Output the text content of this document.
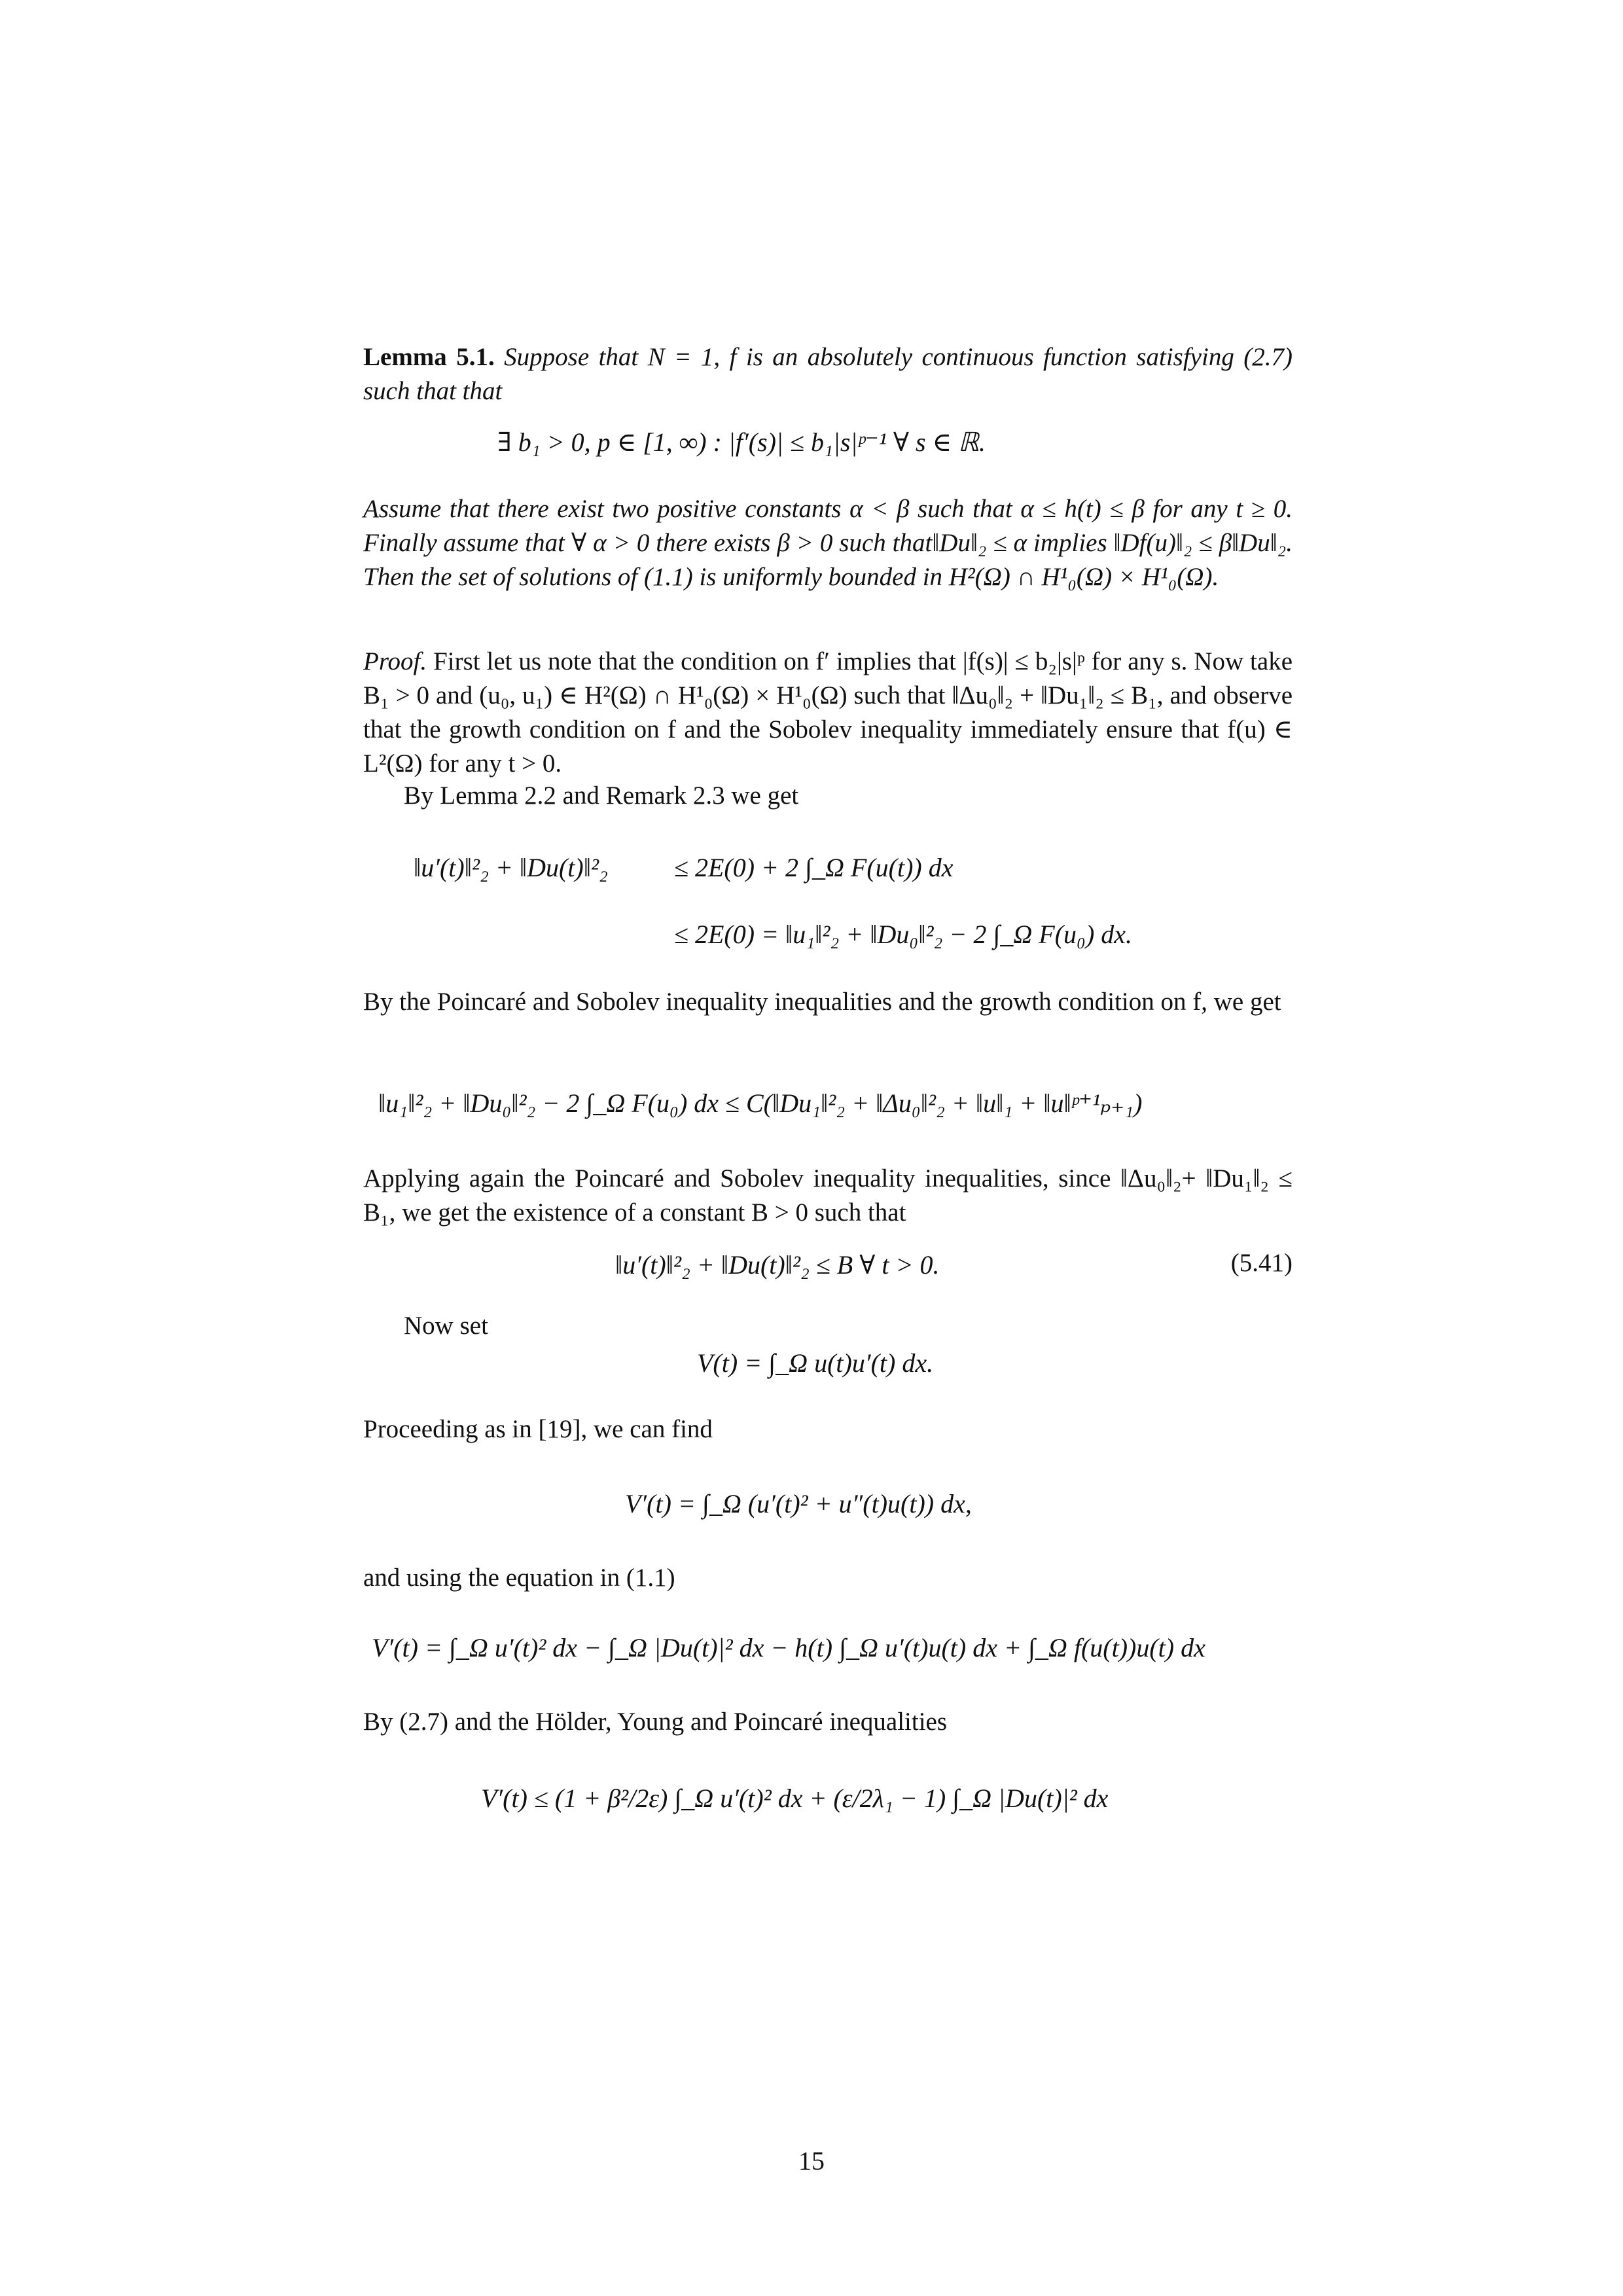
Lemma 5.1. Suppose that N = 1, f is an absolutely continuous function satisfying (2.7) such that that

∃ b₁ > 0, p ∈ [1, ∞) : |f′(s)| ≤ b₁|s|ᵖ⁻¹ ∀ s ∈ ℝ.

Assume that there exist two positive constants α < β such that α ≤ h(t) ≤ β for any t ≥ 0. Finally assume that ∀ α > 0 there exists β > 0 such that‖Du‖₂ ≤ α implies ‖Df(u)‖₂ ≤ β‖Du‖₂. Then the set of solutions of (1.1) is uniformly bounded in H²(Ω) ∩ H¹₀(Ω) × H¹₀(Ω).

Proof. First let us note that the condition on f′ implies that |f(s)| ≤ b₂|s|ᵖ for any s. Now take B₁ > 0 and (u₀, u₁) ∈ H²(Ω) ∩ H¹₀(Ω) × H¹₀(Ω) such that ‖Δu₀‖₂ + ‖Du₁‖₂ ≤ B₁, and observe that the growth condition on f and the Sobolev inequality immediately ensure that f(u) ∈ L²(Ω) for any t > 0.

By Lemma 2.2 and Remark 2.3 we get

‖u′(t)‖²₂ + ‖Du(t)‖²₂	≤ 2E(0) + 2 ∫_Ω F(u(t)) dx
≤ 2E(0) = ‖u₁‖²₂ + ‖Du₀‖²₂ − 2 ∫_Ω F(u₀) dx.

By the Poincaré and Sobolev inequality inequalities and the growth condition on f, we get

‖u₁‖²₂ + ‖Du₀‖²₂ − 2 ∫_Ω F(u₀) dx ≤ C(‖Du₁‖²₂ + ‖Δu₀‖²₂ + ‖u‖₁ + ‖u‖ᵖ⁺¹ₚ₊₁)

Applying again the Poincaré and Sobolev inequality inequalities, since ‖Δu₀‖₂+ ‖Du₁‖₂ ≤ B₁, we get the existence of a constant B > 0 such that

‖u′(t)‖²₂ + ‖Du(t)‖²₂ ≤ B ∀ t > 0.	(5.41)
Now set
V(t) = ∫_Ω u(t)u′(t) dx.
Proceeding as in [19], we can find
V′(t) = ∫_Ω (u′(t)² + u″(t)u(t)) dx,
and using the equation in (1.1)
V′(t) = ∫_Ω u′(t)² dx − ∫_Ω |Du(t)|² dx − h(t) ∫_Ω u′(t)u(t) dx + ∫_Ω f(u(t))u(t) dx
By (2.7) and the Hölder, Young and Poincaré inequalities
V′(t) ≤ (1 + β²/2ε) ∫_Ω u′(t)² dx + (ε/2λ₁ − 1) ∫_Ω |Du(t)|² dx
15
